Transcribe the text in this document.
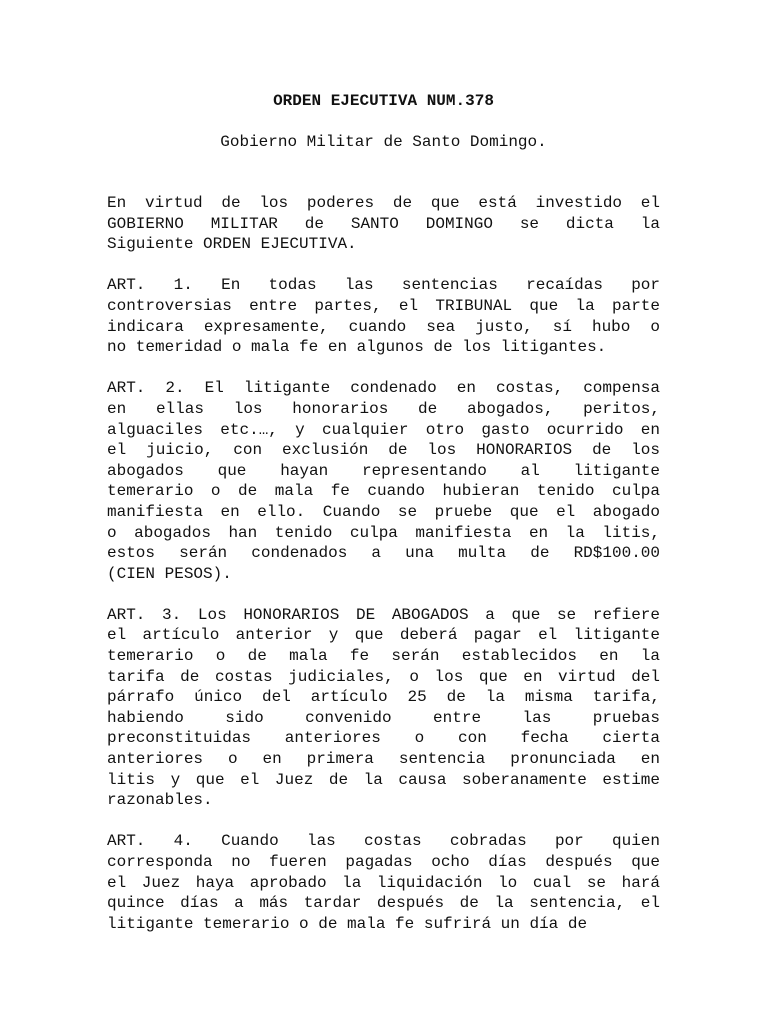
ORDEN EJECUTIVA NUM.378
Gobierno Militar de Santo Domingo.
En virtud de los poderes de que está investido el
GOBIERNO MILITAR de SANTO DOMINGO se dicta la
Siguiente ORDEN EJECUTIVA.
ART. 1. En todas las sentencias recaídas por
controversias entre partes, el TRIBUNAL que la parte
indicara expresamente, cuando sea justo, sí hubo o
no temeridad o mala fe en algunos de los litigantes.
ART. 2. El litigante condenado en costas, compensa
en ellas los honorarios de abogados, peritos,
alguaciles etc.…, y cualquier otro gasto ocurrido en
el juicio, con exclusión de los HONORARIOS de los
abogados que hayan representando al litigante
temerario o de mala fe cuando hubieran tenido culpa
manifiesta en ello. Cuando se pruebe que el abogado
o abogados han tenido culpa manifiesta en la litis,
estos serán condenados a una multa de RD$100.00
(CIEN PESOS).
ART. 3. Los HONORARIOS DE ABOGADOS a que se refiere
el artículo anterior y que deberá pagar el litigante
temerario o de mala fe serán establecidos en la
tarifa de costas judiciales, o los que en virtud del
párrafo único del artículo 25 de la misma tarifa,
habiendo sido convenido entre las pruebas
preconstituidas anteriores o con fecha cierta
anteriores o en primera sentencia pronunciada en
litis y que el Juez de la causa soberanamente estime
razonables.
ART. 4. Cuando las costas cobradas por quien
corresponda no fueren pagadas ocho días después que
el Juez haya aprobado la liquidación lo cual se hará
quince días a más tardar después de la sentencia, el
litigante temerario o de mala fe sufrirá un día de
